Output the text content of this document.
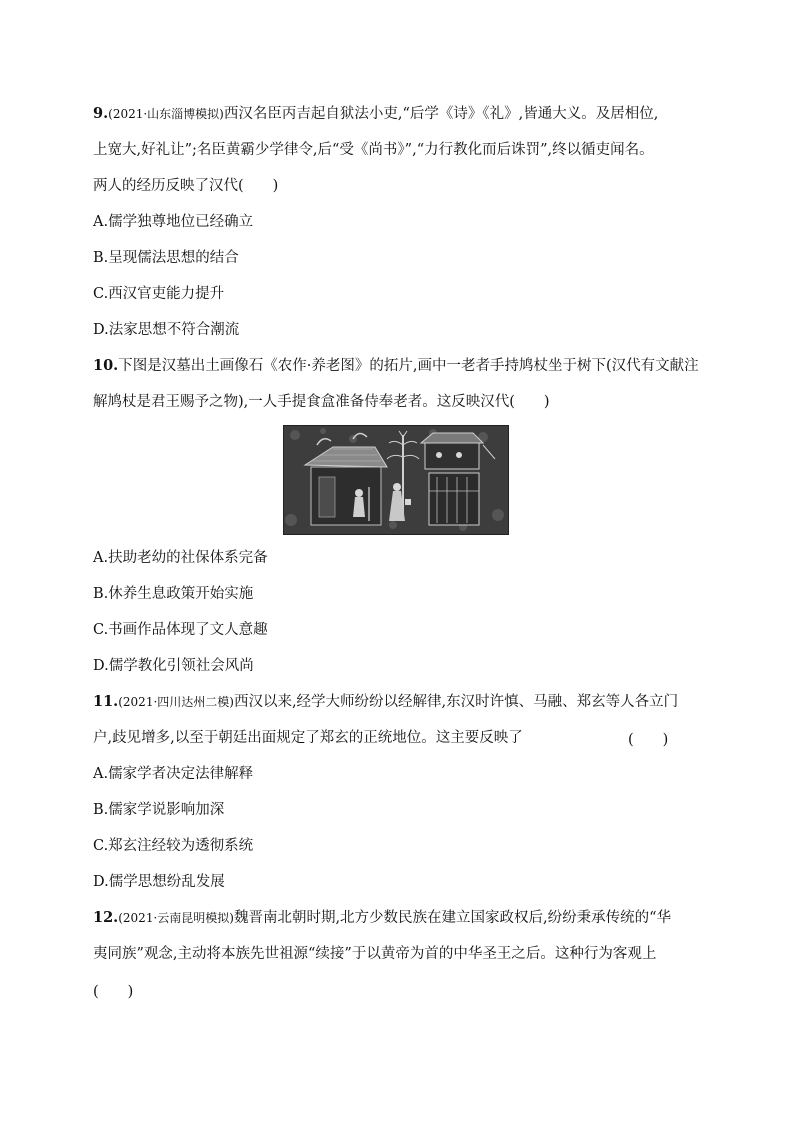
9.(2021·山东淄博模拟)西汉名臣丙吉起自狱法小吏,“后学《诗》《礼》,皆通大义。及居相位,
上宽大,好礼让”;名臣黄霸少学律令,后“受《尚书》”,“力行教化而后诛罚”,终以循吏闻名。
两人的经历反映了汉代(　　)
A.儒学独尊地位已经确立
B.呈现儒法思想的结合
C.西汉官吏能力提升
D.法家思想不符合潮流
10.下图是汉墓出土画像石《农作·养老图》的拓片,画中一老者手持鸠杖坐于树下(汉代有文献注
解鸠杖是君王赐予之物),一人手提食盒准备侍奉老者。这反映汉代(　　)
A.扶助老幼的社保体系完备
B.休养生息政策开始实施
C.书画作品体现了文人意趣
D.儒学教化引领社会风尚
11.(2021·四川达州二模)西汉以来,经学大师纷纷以经解律,东汉时许慎、马融、郑玄等人各立门
户,歧见增多,以至于朝廷出面规定了郑玄的正统地位。这主要反映了	(　　)
A.儒家学者决定法律解释
B.儒家学说影响加深
C.郑玄注经较为透彻系统
D.儒学思想纷乱发展
12.(2021·云南昆明模拟)魏晋南北朝时期,北方少数民族在建立国家政权后,纷纷秉承传统的“华
夷同族”观念,主动将本族先世祖源“续接”于以黄帝为首的中华圣王之后。这种行为客观上
(　　)
